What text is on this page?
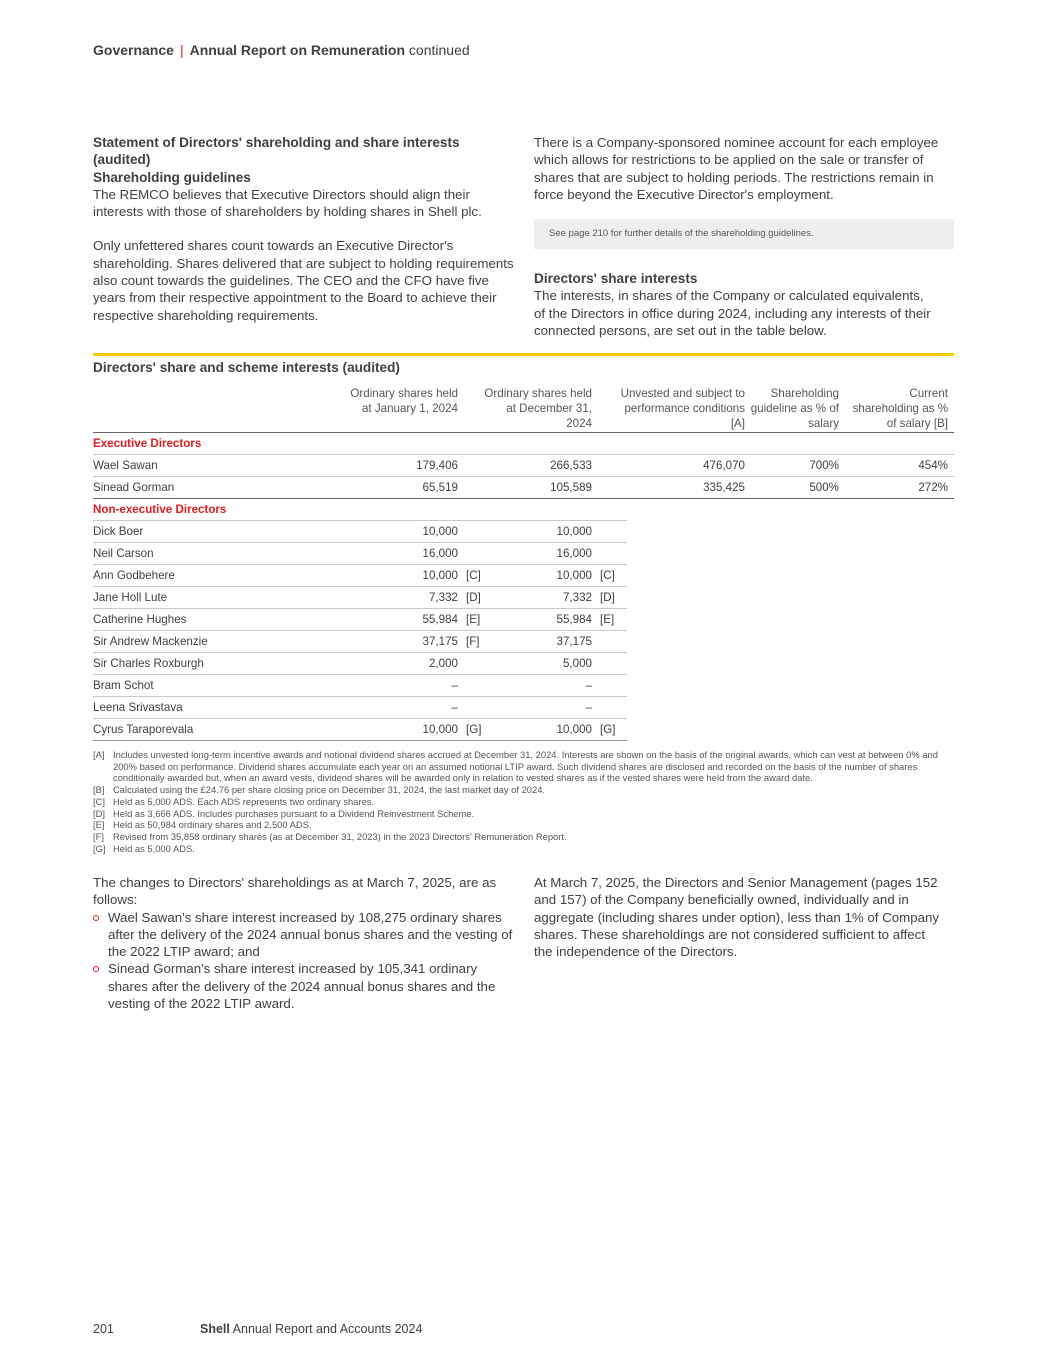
Governance | Annual Report on Remuneration continued
Statement of Directors' shareholding and share interests (audited)
Shareholding guidelines

The REMCO believes that Executive Directors should align their interests with those of shareholders by holding shares in Shell plc.

Only unfettered shares count towards an Executive Director's shareholding. Shares delivered that are subject to holding requirements also count towards the guidelines. The CEO and the CFO have five years from their respective appointment to the Board to achieve their respective shareholding requirements.

There is a Company-sponsored nominee account for each employee which allows for restrictions to be applied on the sale or transfer of shares that are subject to holding periods. The restrictions remain in force beyond the Executive Director's employment.

See page 210 for further details of the shareholding guidelines.
Directors' share interests

The interests, in shares of the Company or calculated equivalents, of the Directors in office during 2024, including any interests of their connected persons, are set out in the table below.

Directors' share and scheme interests (audited)
Ordinary shares held at January 1, 2024
Ordinary shares held at December 31, 2024
Unvested and subject to performance conditions [A]
Shareholding guideline as % of salary
Current shareholding as % of salary [B]
Executive Directors
Wael Sawan	179,406	266,533	476,070	700%	454%
Sinead Gorman	65,519	105,589	335,425	500%	272%
Non-executive Directors
Dick Boer	10,000	10,000
Neil Carson	16,000	16,000
Ann Godbehere	10,000 [C]	10,000 [C]
Jane Holl Lute	7,332 [D]	7,332 [D]
Catherine Hughes	55,984 [E]	55,984 [E]
Sir Andrew Mackenzie	37,175 [F]	37,175
Sir Charles Roxburgh	2,000	5,000
Bram Schot	–	–
Leena Srivastava	–	–
Cyrus Taraporevala	10,000 [G]	10,000 [G]
[A] Includes unvested long-term incentive awards and notional dividend shares accrued at December 31, 2024. Interests are shown on the basis of the original awards, which can vest at between 0% and 200% based on performance. Dividend shares accumulate each year on an assumed notional LTIP award. Such dividend shares are disclosed and recorded on the basis of the number of shares conditionally awarded but, when an award vests, dividend shares will be awarded only in relation to vested shares as if the vested shares were held from the award date.
[B] Calculated using the £24.76 per share closing price on December 31, 2024, the last market day of 2024.
[C] Held as 5,000 ADS. Each ADS represents two ordinary shares.
[D] Held as 3,666 ADS. Includes purchases pursuant to a Dividend Reinvestment Scheme.
[E] Held as 50,984 ordinary shares and 2,500 ADS.
[F] Revised from 35,858 ordinary shares (as at December 31, 2023) in the 2023 Directors' Remuneration Report.
[G] Held as 5,000 ADS.

The changes to Directors' shareholdings as at March 7, 2025, are as follows:

Wael Sawan's share interest increased by 108,275 ordinary shares after the delivery of the 2024 annual bonus shares and the vesting of the 2022 LTIP award; and
Sinead Gorman's share interest increased by 105,341 ordinary shares after the delivery of the 2024 annual bonus shares and the vesting of the 2022 LTIP award.

At March 7, 2025, the Directors and Senior Management (pages 152 and 157) of the Company beneficially owned, individually and in aggregate (including shares under option), less than 1% of Company shares. These shareholdings are not considered sufficient to affect the independence of the Directors.

201	Shell Annual Report and Accounts 2024
